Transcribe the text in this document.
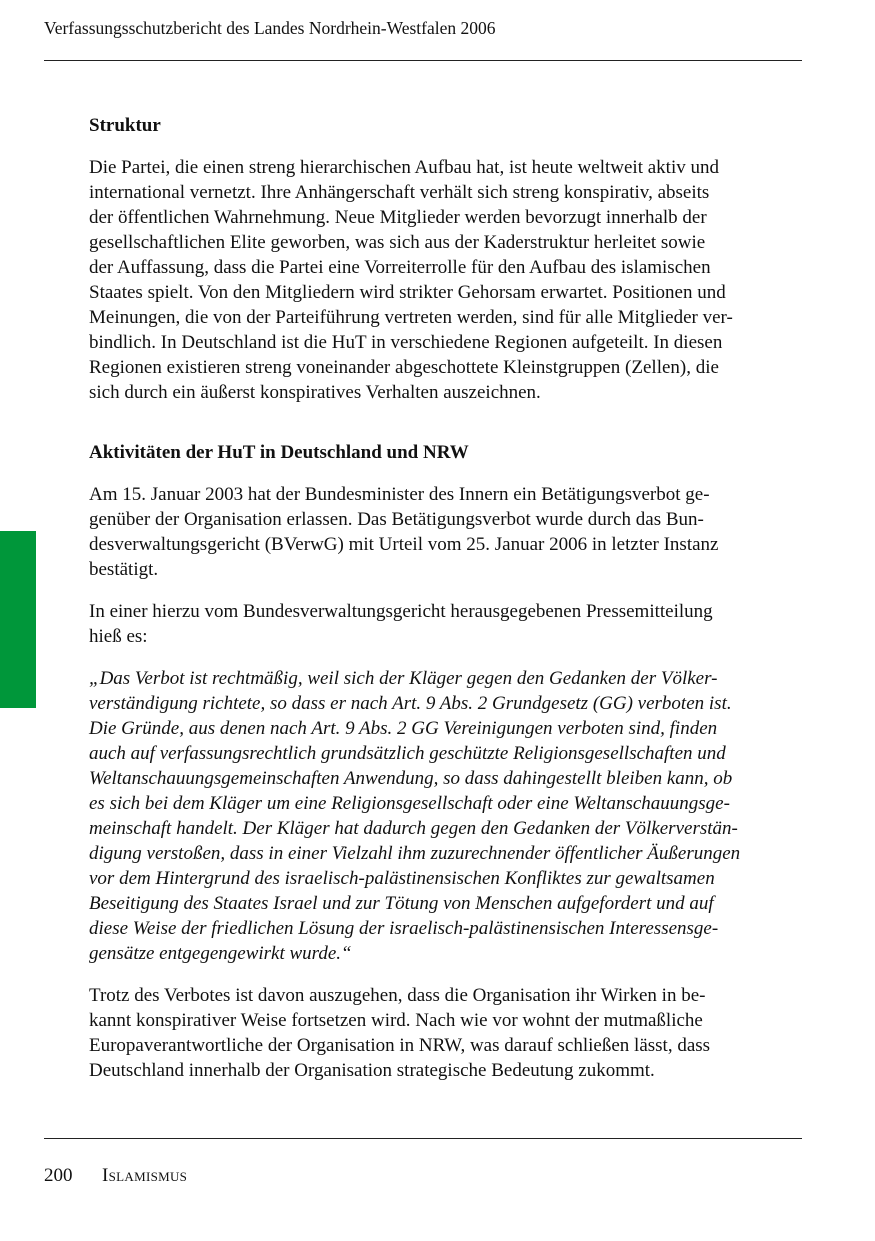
Verfassungsschutzbericht des Landes Nordrhein-Westfalen 2006
Struktur

Die Partei, die einen streng hierarchischen Aufbau hat, ist heute weltweit aktiv und
international vernetzt. Ihre Anhängerschaft verhält sich streng konspirativ, abseits
der öffentlichen Wahrnehmung. Neue Mitglieder werden bevorzugt innerhalb der
gesellschaftlichen Elite geworben, was sich aus der Kaderstruktur herleitet sowie
der Auffassung, dass die Partei eine Vorreiterrolle für den Aufbau des islamischen
Staates spielt. Von den Mitgliedern wird strikter Gehorsam erwartet. Positionen und
Meinungen, die von der Parteiführung vertreten werden, sind für alle Mitglieder ver-
bindlich. In Deutschland ist die HuT in verschiedene Regionen aufgeteilt. In diesen
Regionen existieren streng voneinander abgeschottete Kleinstgruppen (Zellen), die
sich durch ein äußerst konspiratives Verhalten auszeichnen.

Aktivitäten der HuT in Deutschland und NRW

Am 15. Januar 2003 hat der Bundesminister des Innern ein Betätigungsverbot ge-
genüber der Organisation erlassen. Das Betätigungsverbot wurde durch das Bun-
desverwaltungsgericht (BVerwG) mit Urteil vom 25. Januar 2006 in letzter Instanz
bestätigt.

In einer hierzu vom Bundesverwaltungsgericht herausgegebenen Pressemitteilung
hieß es:

„Das Verbot ist rechtmäßig, weil sich der Kläger gegen den Gedanken der Völker-
verständigung richtete, so dass er nach Art. 9 Abs. 2 Grundgesetz (GG) verboten ist.
Die Gründe, aus denen nach Art. 9 Abs. 2 GG Vereinigungen verboten sind, finden
auch auf verfassungsrechtlich grundsätzlich geschützte Religionsgesellschaften und
Weltanschauungsgemeinschaften Anwendung, so dass dahingestellt bleiben kann, ob
es sich bei dem Kläger um eine Religionsgesellschaft oder eine Weltanschauungsge-
meinschaft handelt. Der Kläger hat dadurch gegen den Gedanken der Völkerverstän-
digung verstoßen, dass in einer Vielzahl ihm zuzurechnender öffentlicher Äußerungen
vor dem Hintergrund des israelisch-palästinensischen Konfliktes zur gewaltsamen
Beseitigung des Staates Israel und zur Tötung von Menschen aufgefordert und auf
diese Weise der friedlichen Lösung der israelisch-palästinensischen Interessensge-
gensätze entgegengewirkt wurde.“

Trotz des Verbotes ist davon auszugehen, dass die Organisation ihr Wirken in be-
kannt konspirativer Weise fortsetzen wird. Nach wie vor wohnt der mutmaßliche
Europaverantwortliche der Organisation in NRW, was darauf schließen lässt, dass
Deutschland innerhalb der Organisation strategische Bedeutung zukommt.

200 Islamismus
